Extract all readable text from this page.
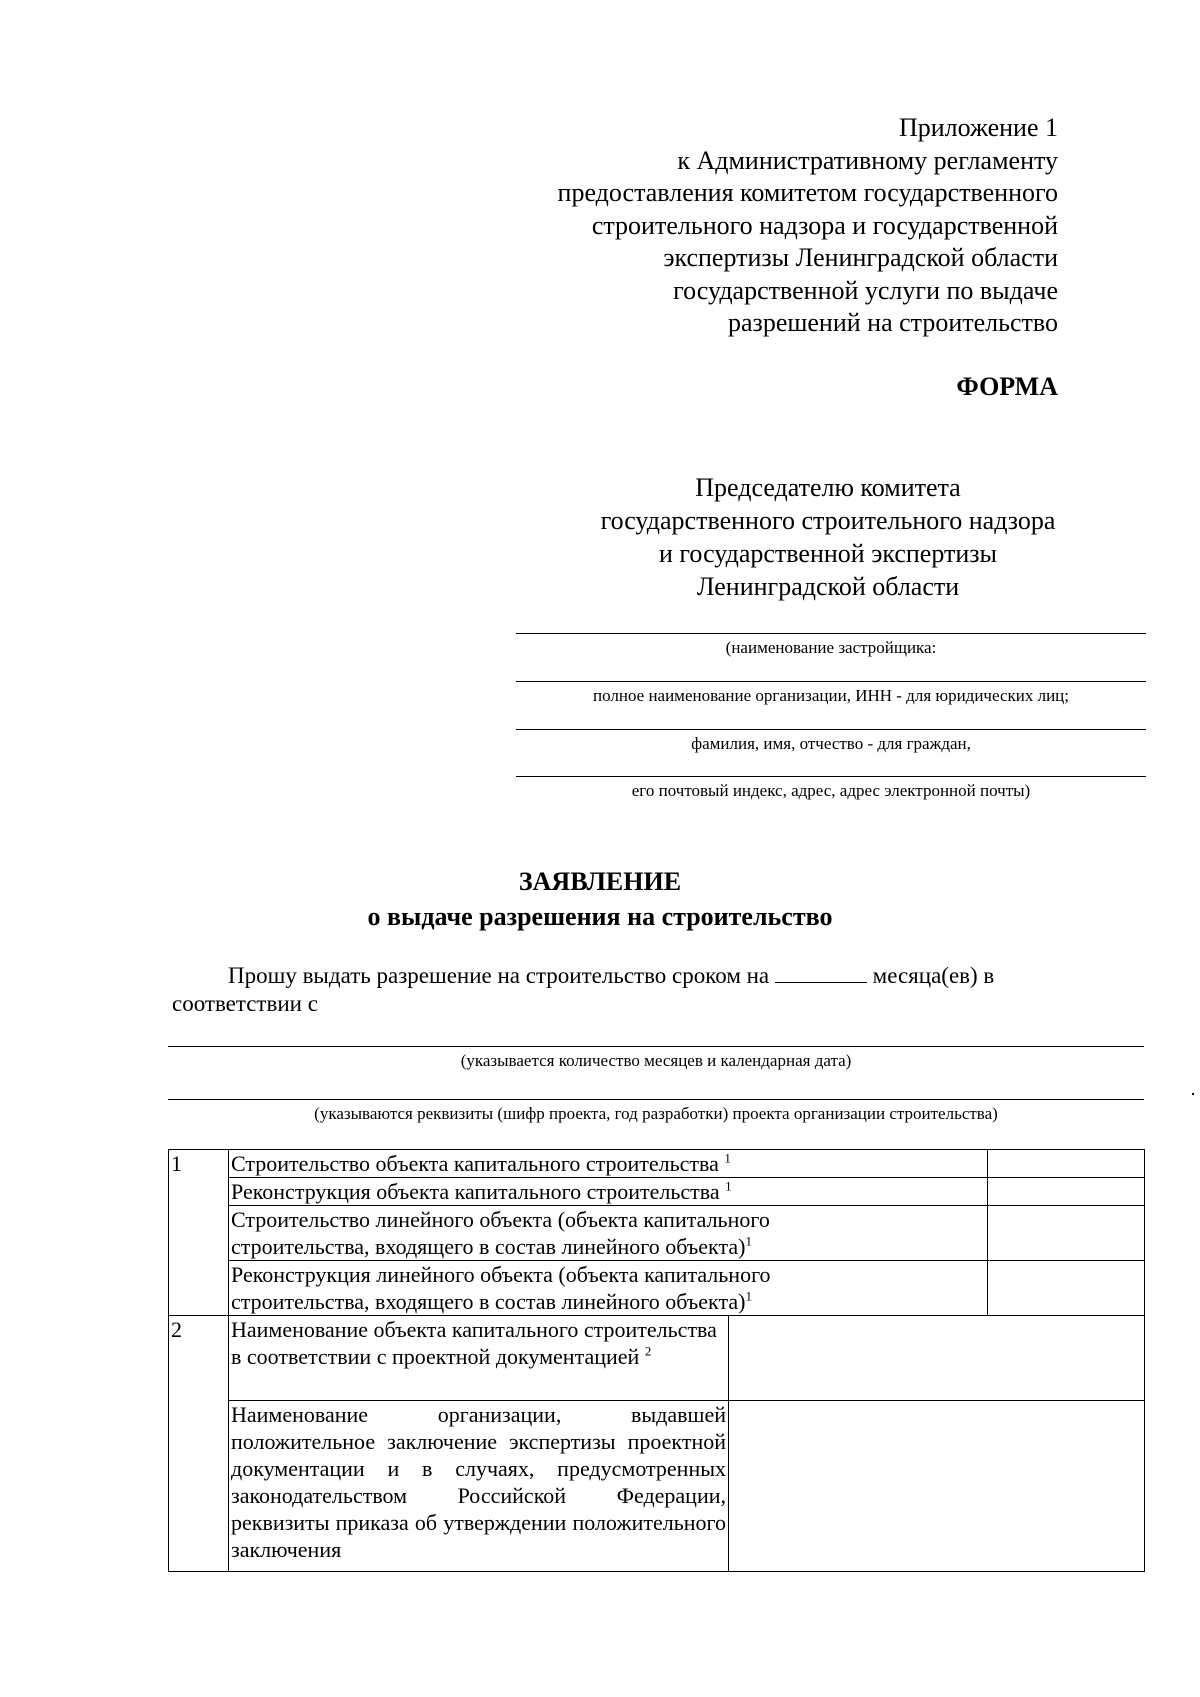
Приложение 1
к Административному регламенту
предоставления комитетом государственного
строительного надзора и государственной
экспертизы Ленинградской области
государственной услуги по выдаче
разрешений на строительство
ФОРМА
Председателю комитета
государственного строительного надзора
и государственной экспертизы
Ленинградской области
(наименование застройщика:
полное наименование организации, ИНН - для юридических лиц;
фамилия, имя, отчество - для граждан,
его почтовый индекс, адрес, адрес электронной почты)
ЗАЯВЛЕНИЕ
о выдаче разрешения на строительство
Прошу выдать разрешение на строительство сроком на	месяца(ев) в
соответствии с
(указывается количество месяцев и календарная дата)
(указываются реквизиты (шифр проекта, год разработки) проекта организации строительства)
1	Строительство объекта капитального строительства $^1$	
	Реконструкция объекта капитального строительства $^1$	

	Строительство линейного объекта (объекта капитального
строительства, входящего в состав линейного объекта)$^1$

	Реконструкция линейного объекта (объекта капитального
строительства, входящего в состав линейного объекта)$^1$

2	Наименование объекта капитального строительства в соответствии с проектной документацией $^2$	
	Наименование организации, выдавшей положительное заключение экспертизы проектной документации и в случаях, предусмотренных законодательством Российской Федерации, реквизиты приказа об утверждении положительного заключения		
